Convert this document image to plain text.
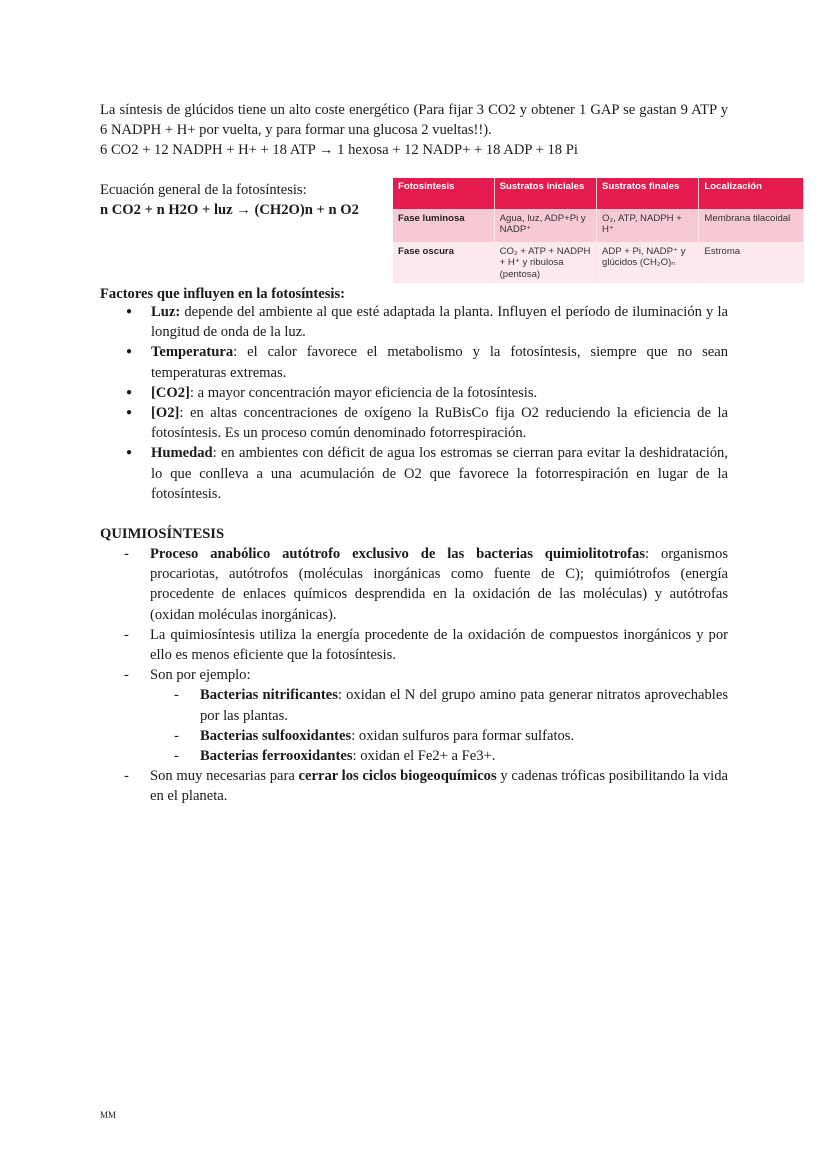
La síntesis de glúcidos tiene un alto coste energético (Para fijar 3 CO2 y obtener 1 GAP se gastan 9 ATP y 6 NADPH + H+ por vuelta, y para formar una glucosa 2 vueltas!!).

6 CO2 + 12 NADPH + H+ + 18 ATP → 1 hexosa + 12 NADP+ + 18 ADP + 18 Pi

Ecuación general de la fotosíntesis:

n CO2 + n H2O + luz → (CH2O)n + n O2

Fotosíntesis	Sustratos iniciales	Sustratos finales	Localización
Fase luminosa	Agua, luz, ADP+Pi y NADP⁺	O₂, ATP, NADPH + H⁺	Membrana tilacoidal
Fase oscura	CO₂ + ATP + NADPH + H⁺ y ribulosa (pentosa)	ADP + Pi, NADP⁺ y glúcidos (CH₂O)ₙ	Estroma
Factores que influyen en la fotosíntesis:
● Luz: depende del ambiente al que esté adaptada la planta. Influyen el período de iluminación y la longitud de onda de la luz.
● Temperatura: el calor favorece el metabolismo y la fotosíntesis, siempre que no sean temperaturas extremas.
● [CO2]: a mayor concentración mayor eficiencia de la fotosíntesis.
● [O2]: en altas concentraciones de oxígeno la RuBisCo fija O2 reduciendo la eficiencia de la fotosíntesis. Es un proceso común denominado fotorrespiración.
● Humedad: en ambientes con déficit de agua los estromas se cierran para evitar la deshidratación, lo que conlleva a una acumulación de O2 que favorece la fotorrespiración en lugar de la fotosíntesis.
QUIMIOSÍNTESIS
- Proceso anabólico autótrofo exclusivo de las bacterias quimiolitotrofas: organismos procariotas, autótrofos (moléculas inorgánicas como fuente de C); quimiótrofos (energía procedente de enlaces químicos desprendida en la oxidación de las moléculas) y autótrofas (oxidan moléculas inorgánicas).
- La quimiosíntesis utiliza la energía procedente de la oxidación de compuestos inorgánicos y por ello es menos eficiente que la fotosíntesis.
- Son por ejemplo:
- Bacterias nitrificantes: oxidan el N del grupo amino pata generar nitratos aprovechables por las plantas.
- Bacterias sulfooxidantes: oxidan sulfuros para formar sulfatos.
- Bacterias ferrooxidantes: oxidan el Fe2+ a Fe3+.
- Son muy necesarias para cerrar los ciclos biogeoquímicos y cadenas tróficas posibilitando la vida en el planeta.
MM
